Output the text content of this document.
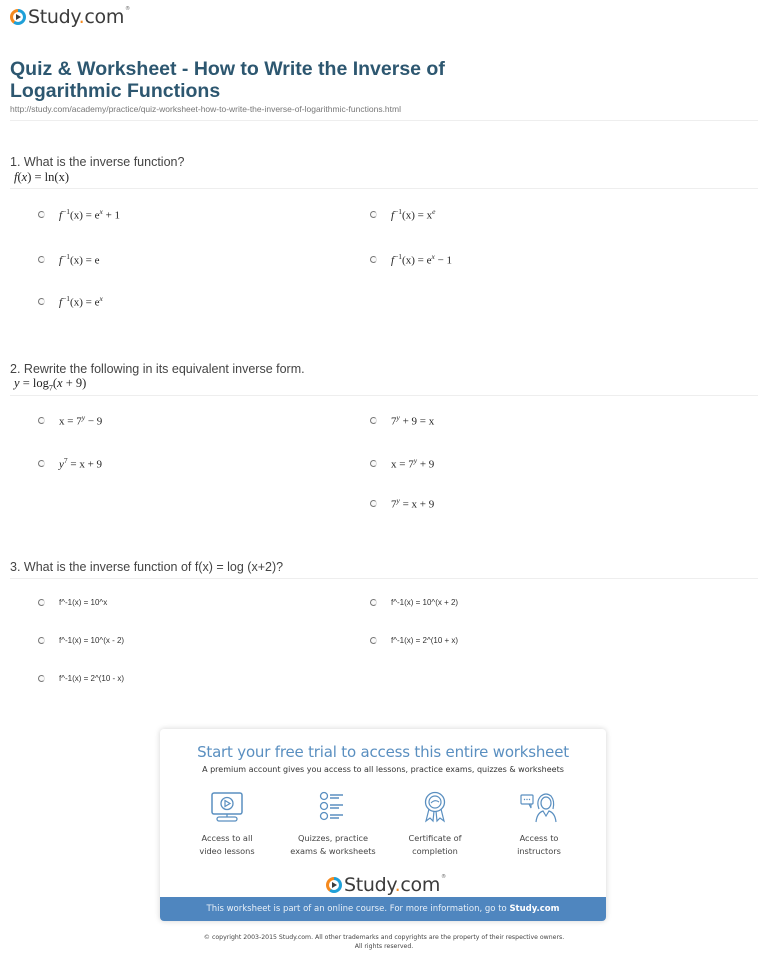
Study.com®
Quiz & Worksheet - How to Write the Inverse of Logarithmic Functions
http://study.com/academy/practice/quiz-worksheet-how-to-write-the-inverse-of-logarithmic-functions.html
1. What is the inverse function?
f(x) = ln(x)
$f^{-1}(x) = e^x + 1$	$f^{-1}(x) = x^e$
$f^{-1}(x) = e$	$f^{-1}(x) = e^x - 1$
$f^{-1}(x) = e^x$
2. Rewrite the following in its equivalent inverse form.
$y = \log_7(x + 9)$
$x = 7^y - 9$	$7^y + 9 = x$
$y^7 = x + 9$	$x = 7^y + 9$
$7^y = x + 9$
3. What is the inverse function of f(x) = log (x+2)?
f^-1(x) = 10^x	f^-1(x) = 10^(x + 2)
f^-1(x) = 10^(x - 2)	f^-1(x) = 2^(10 + x)
f^-1(x) = 2^(10 - x)
Start your free trial to access this entire worksheet
A premium account gives you access to all lessons, practice exams, quizzes & worksheets
Access to all
video lessons
Quizzes, practice
exams & worksheets
Certificate of
completion
Access to
instructors
Study.com®
This worksheet is part of an online course. For more information, go to Study.com
© copyright 2003-2015 Study.com. All other trademarks and copyrights are the property of their respective owners.
All rights reserved.
